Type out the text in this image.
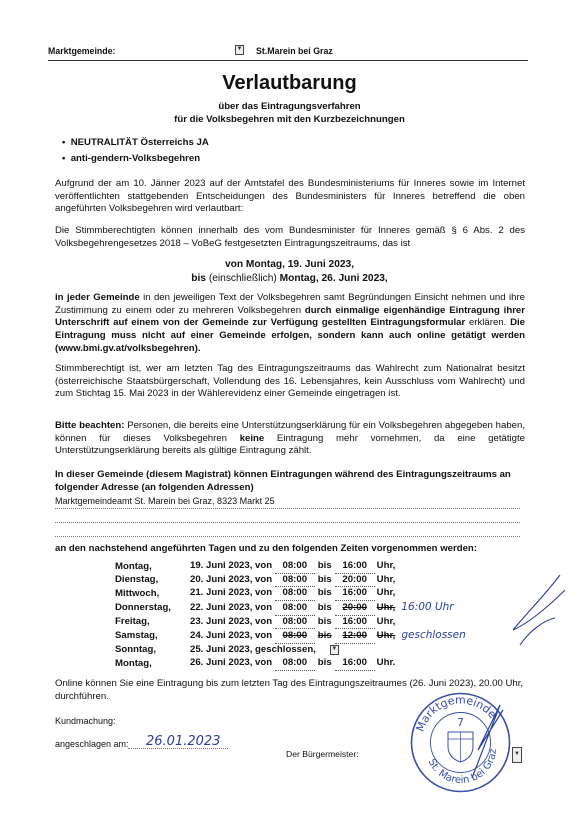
Marktgemeinde:	▼ St.Marein bei Graz
Verlautbarung
über das Eintragungsverfahren
für die Volksbegehren mit den Kurzbezeichnungen
•  NEUTRALITÄT Österreichs JA
•  anti-gendern-Volksbegehren
Aufgrund der am 10. Jänner 2023 auf der Amtstafel des Bundesministeriums für Inneres sowie im Internet veröffentlichten stattgebenden Entscheidungen des Bundesministers für Inneres betreffend die oben angeführten Volksbegehren wird verlautbart:
Die Stimmberechtigten können innerhalb des vom Bundesminister für Inneres gemäß § 6 Abs. 2 des Volksbegehrengesetzes 2018 – VoBeG festgesetzten Eintragungszeitraums, das ist
von Montag, 19. Juni 2023,
bis (einschließlich) Montag, 26. Juni 2023,
in jeder Gemeinde in den jeweiligen Text der Volksbegehren samt Begründungen Einsicht nehmen und ihre Zustimmung zu einem oder zu mehreren Volksbegehren durch einmalige eigenhändige Eintragung ihrer Unterschrift auf einem von der Gemeinde zur Verfügung gestellten Eintragungsformular erklären. Die Eintragung muss nicht auf einer Gemeinde erfolgen, sondern kann auch online getätigt werden (www.bmi.gv.at/volksbegehren).
Stimmberechtigt ist, wer am letzten Tag des Eintragungszeitraums das Wahlrecht zum Nationalrat besitzt (österreichische Staatsbürgerschaft, Vollendung des 16. Lebensjahres, kein Ausschluss vom Wahlrecht) und zum Stichtag 15. Mai 2023 in der Wählerevidenz einer Gemeinde eingetragen ist.
Bitte beachten: Personen, die bereits eine Unterstützungserklärung für ein Volksbegehren abgegeben haben, können für dieses Volksbegehren keine Eintragung mehr vornehmen, da eine getätigte Unterstützungserklärung bereits als gültige Eintragung zählt.
In dieser Gemeinde (diesem Magistrat) können Eintragungen während des Eintragungszeitraums an folgender Adresse (an folgenden Adressen)
Marktgemeindeamt St. Marein bei Graz, 8323 Markt 25
an den nachstehend angeführten Tagen und zu den folgenden Zeiten vorgenommen werden:
Montag,	19. Juni 2023, von 08:00 bis 16:00 Uhr,
Dienstag,	20. Juni 2023, von 08:00 bis 20:00 Uhr,
Mittwoch,	21. Juni 2023, von 08:00 bis 16:00 Uhr,
Donnerstag,	22. Juni 2023, von 08:00 bis 20:00 Uhr, 16:00 Uhr
Freitag,	23. Juni 2023, von 08:00 bis 16:00 Uhr,
Samstag,	24. Juni 2023, von 08:00 bis 12:00 Uhr, geschlossen
Sonntag,	25. Juni 2023, geschlossen, ▼
Montag,	26. Juni 2023, von 08:00 bis 16:00 Uhr.
Online können Sie eine Eintragung bis zum letzten Tag des Eintragungszeitraumes (26. Juni 2023), 20.00 Uhr, durchführen.
Kundmachung:
angeschlagen am: 26.01.2023
Der Bürgermeister:
Marktgemeinde
St. Marein bei Graz
7
▼
